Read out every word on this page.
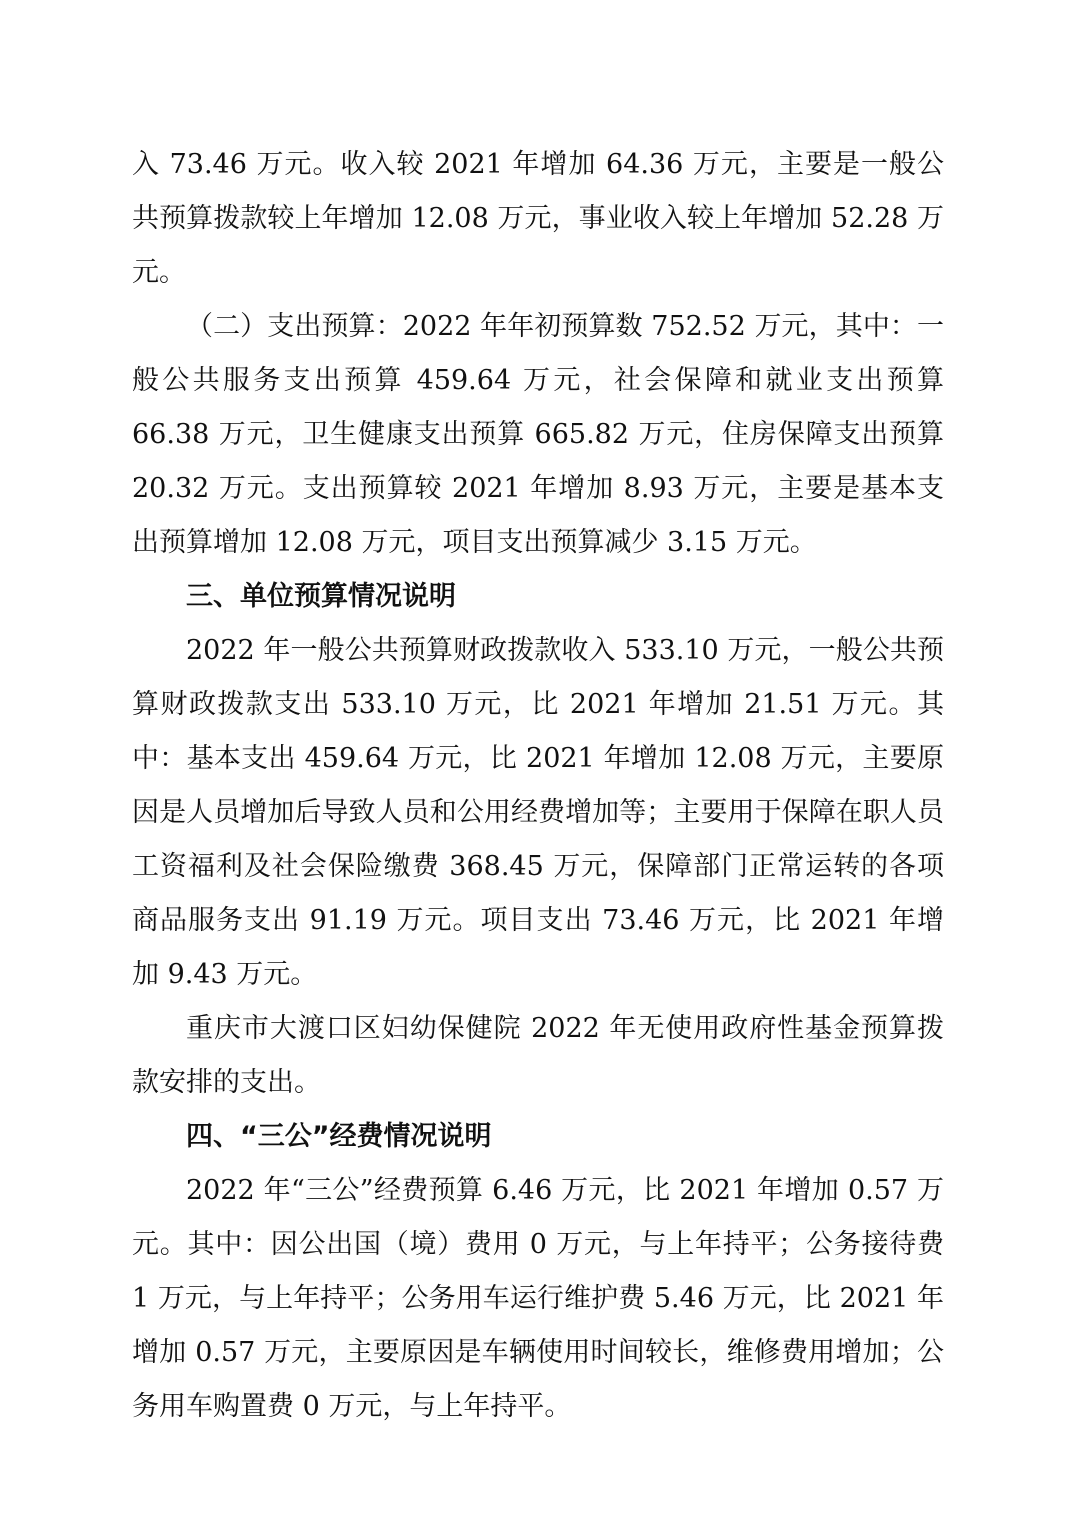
入 73.46 万元。收入较 2021 年增加 64.36 万元，主要是一般公共预算拨款较上年增加 12.08 万元，事业收入较上年增加 52.28 万元。

（二）支出预算：2022 年年初预算数 752.52 万元，其中：一般公共服务支出预算 459.64 万元，社会保障和就业支出预算 66.38 万元，卫生健康支出预算 665.82 万元，住房保障支出预算 20.32 万元。支出预算较 2021 年增加 8.93 万元，主要是基本支出预算增加 12.08 万元，项目支出预算减少 3.15 万元。

三、单位预算情况说明

2022 年一般公共预算财政拨款收入 533.10 万元，一般公共预算财政拨款支出 533.10 万元，比 2021 年增加 21.51 万元。其中：基本支出 459.64 万元，比 2021 年增加 12.08 万元，主要原因是人员增加后导致人员和公用经费增加等；主要用于保障在职人员工资福利及社会保险缴费 368.45 万元，保障部门正常运转的各项商品服务支出 91.19 万元。项目支出 73.46 万元，比 2021 年增加 9.43 万元。

重庆市大渡口区妇幼保健院 2022 年无使用政府性基金预算拨款安排的支出。

四、“三公”经费情况说明

2022 年“三公”经费预算 6.46 万元，比 2021 年增加 0.57 万元。其中：因公出国（境）费用 0 万元，与上年持平；公务接待费 1 万元，与上年持平；公务用车运行维护费 5.46 万元，比 2021 年增加 0.57 万元，主要原因是车辆使用时间较长，维修费用增加；公务用车购置费 0 万元，与上年持平。
